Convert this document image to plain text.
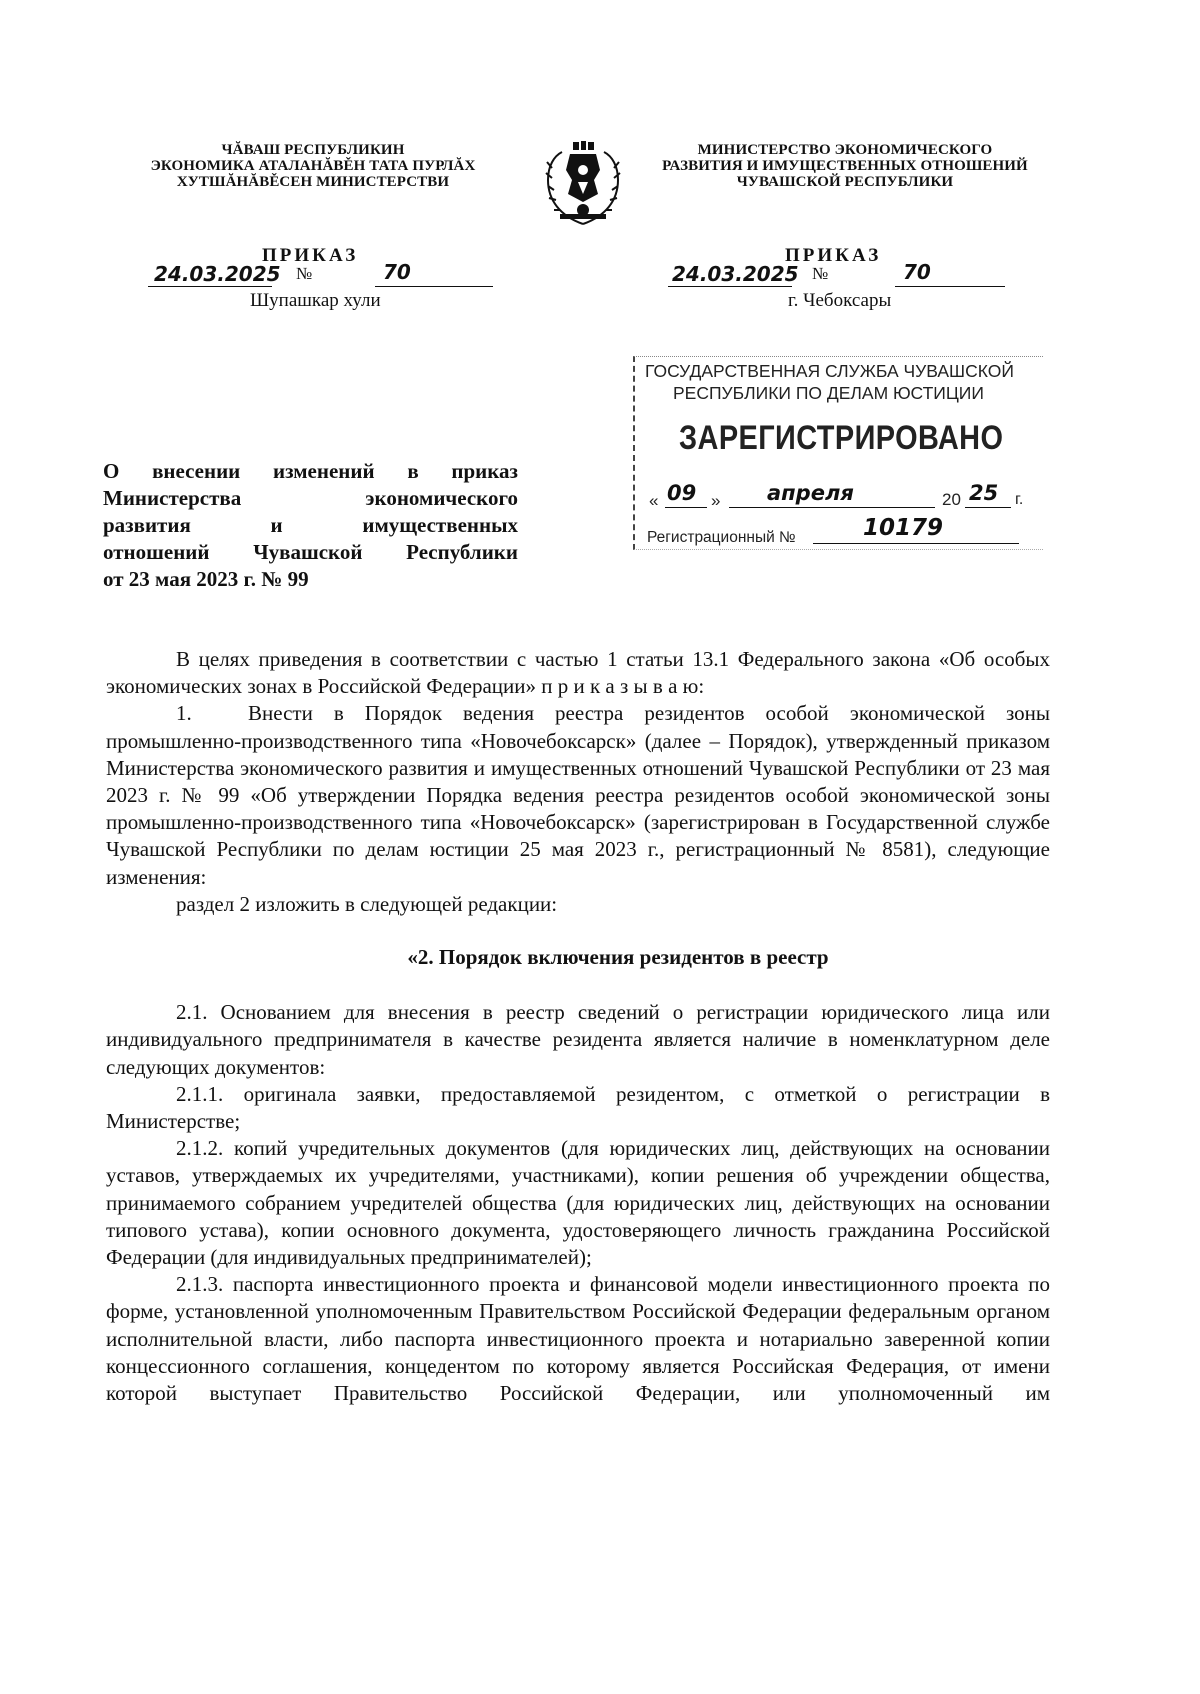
ЧĂВАШ РЕСПУБЛИКИН
ЭКОНОМИКА АТАЛАНĂВĚН ТАТА ПУРЛĂХ
ХУТШĂНĂВĚСЕН МИНИСТЕРСТВИ
МИНИСТЕРСТВО ЭКОНОМИЧЕСКОГО
РАЗВИТИЯ И ИМУЩЕСТВЕННЫХ ОТНОШЕНИЙ
ЧУВАШСКОЙ РЕСПУБЛИКИ
ПРИКАЗ
24.03.2025 №	70
Шупашкар хули
ПРИКАЗ
24.03.2025 №	70
г. Чебоксары
ГОСУДАРСТВЕННАЯ СЛУЖБА ЧУВАШСКОЙ
РЕСПУБЛИКИ ПО ДЕЛАМ ЮСТИЦИИ
ЗАРЕГИСТРИРОВАНО
« 09 » апреля	20 25 г.
Регистрационный №	10179
О внесении изменений в приказ
Министерства экономического
развития и имущественных
отношений Чувашской Республики
от 23 мая 2023 г. № 99

В целях приведения в соответствии с частью 1 статьи 13.1 Федерального закона «Об особых экономических зонах в Российской Федерации» п р и к а з ы в а ю:

1.	Внести в Порядок ведения реестра резидентов особой экономической зоны промышленно-производственного типа «Новочебоксарск» (далее – Порядок), утвержденный приказом Министерства экономического развития и имущественных отношений Чувашской Республики от 23 мая 2023 г. № 99 «Об утверждении Порядка ведения реестра резидентов особой экономической зоны промышленно-производственного типа «Новочебоксарск» (зарегистрирован в Государственной службе Чувашской Республики по делам юстиции 25 мая 2023 г., регистрационный № 8581), следующие изменения:

раздел 2 изложить в следующей редакции:

«2. Порядок включения резидентов в реестр

2.1. Основанием для внесения в реестр сведений о регистрации юридического лица или индивидуального предпринимателя в качестве резидента является наличие в номенклатурном деле следующих документов:

2.1.1. оригинала заявки, предоставляемой резидентом, с отметкой о регистрации в Министерстве;

2.1.2. копий учредительных документов (для юридических лиц, действующих на основании уставов, утверждаемых их учредителями, участниками), копии решения об учреждении общества, принимаемого собранием учредителей общества (для юридических лиц, действующих на основании типового устава), копии основного документа, удостоверяющего личность гражданина Российской Федерации (для индивидуальных предпринимателей);

2.1.3. паспорта инвестиционного проекта и финансовой модели инвестиционного проекта по форме, установленной уполномоченным Правительством Российской Федерации федеральным органом исполнительной власти, либо паспорта инвестиционного проекта и нотариально заверенной копии концессионного соглашения, концедентом по которому является Российская Федерация, от имени которой выступает Правительство Российской Федерации, или уполномоченный им
